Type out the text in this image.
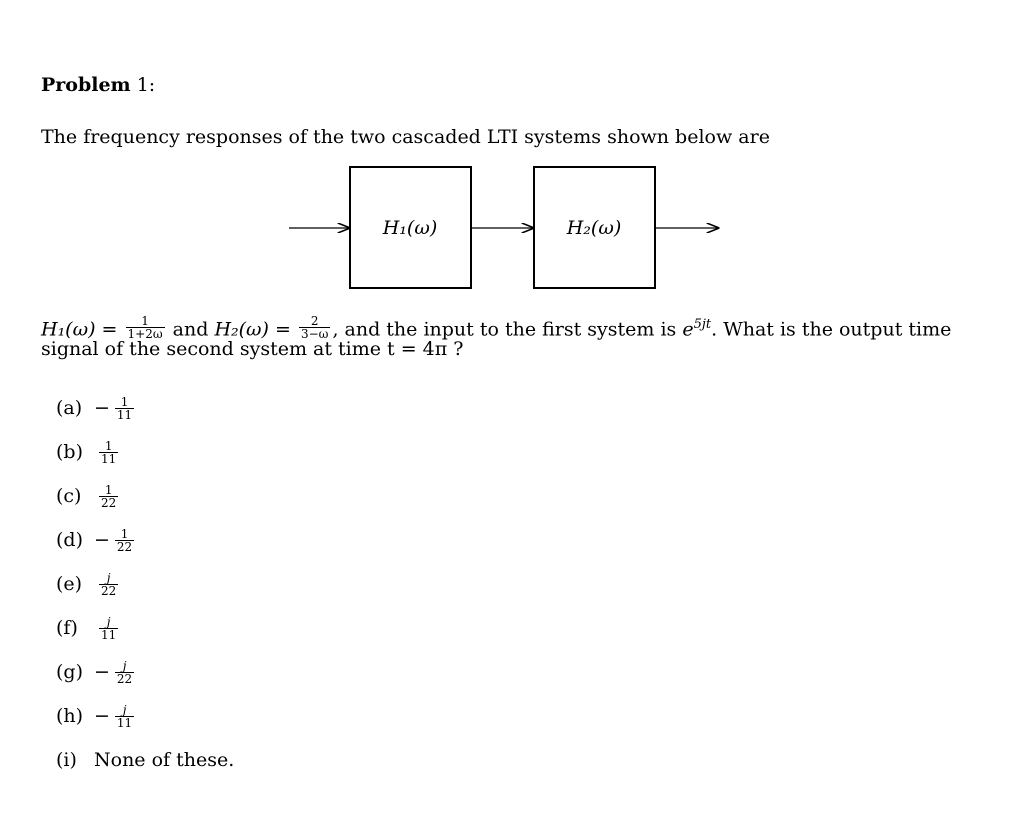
Problem 1:
The frequency responses of the two cascaded LTI systems shown below are
H₁(ω)	H₂(ω)
$H_1(\omega) = \frac{1}{1+2\omega}$ and $H_2(\omega) = \frac{2}{3-\omega}$ , and the input to the first system is $e^{5jt}$. What is the output time
signal of the second system at time t = 4π ?
$(a) - \frac{1}{11}$
(b)	$\frac{1}{11}$
(c)	$\frac{1}{22}$
$(d) - \frac{1}{22}$
(e)	$\frac{j}{22}$
(f)	$\frac{j}{11}$
$(g) - \frac{j}{22}$
$(h) - \frac{j}{11}$
(i) None of these.
